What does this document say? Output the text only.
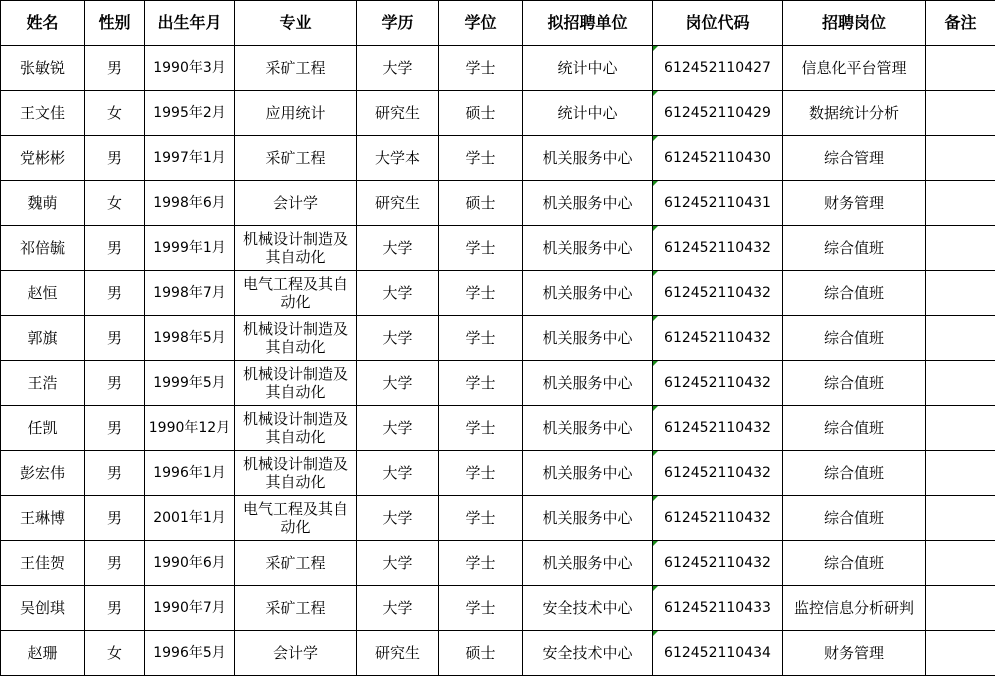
姓名	性别	出生年月	专业	学历	学位	拟招聘单位	岗位代码	招聘岗位	备注
张敏锐	男	1990年3月	采矿工程	大学	学士	统计中心	612452110427	信息化平台管理	
王文佳	女	1995年2月	应用统计	研究生	硕士	统计中心	612452110429	数据统计分析	
党彬彬	男	1997年1月	采矿工程	大学本	学士	机关服务中心	612452110430	综合管理	
魏萌	女	1998年6月	会计学	研究生	硕士	机关服务中心	612452110431	财务管理	
祁倍毓	男	1999年1月	机械设计制造及其自动化	大学	学士	机关服务中心	612452110432	综合值班	
赵恒	男	1998年7月	电气工程及其自动化	大学	学士	机关服务中心	612452110432	综合值班	
郭旗	男	1998年5月	机械设计制造及其自动化	大学	学士	机关服务中心	612452110432	综合值班	
王浩	男	1999年5月	机械设计制造及其自动化	大学	学士	机关服务中心	612452110432	综合值班	
任凯	男	1990年12月	机械设计制造及其自动化	大学	学士	机关服务中心	612452110432	综合值班	
彭宏伟	男	1996年1月	机械设计制造及其自动化	大学	学士	机关服务中心	612452110432	综合值班	
王琳博	男	2001年1月	电气工程及其自动化	大学	学士	机关服务中心	612452110432	综合值班	
王佳贺	男	1990年6月	采矿工程	大学	学士	机关服务中心	612452110432	综合值班	
吴创琪	男	1990年7月	采矿工程	大学	学士	安全技术中心	612452110433	监控信息分析研判	
赵珊	女	1996年5月	会计学	研究生	硕士	安全技术中心	612452110434	财务管理	
